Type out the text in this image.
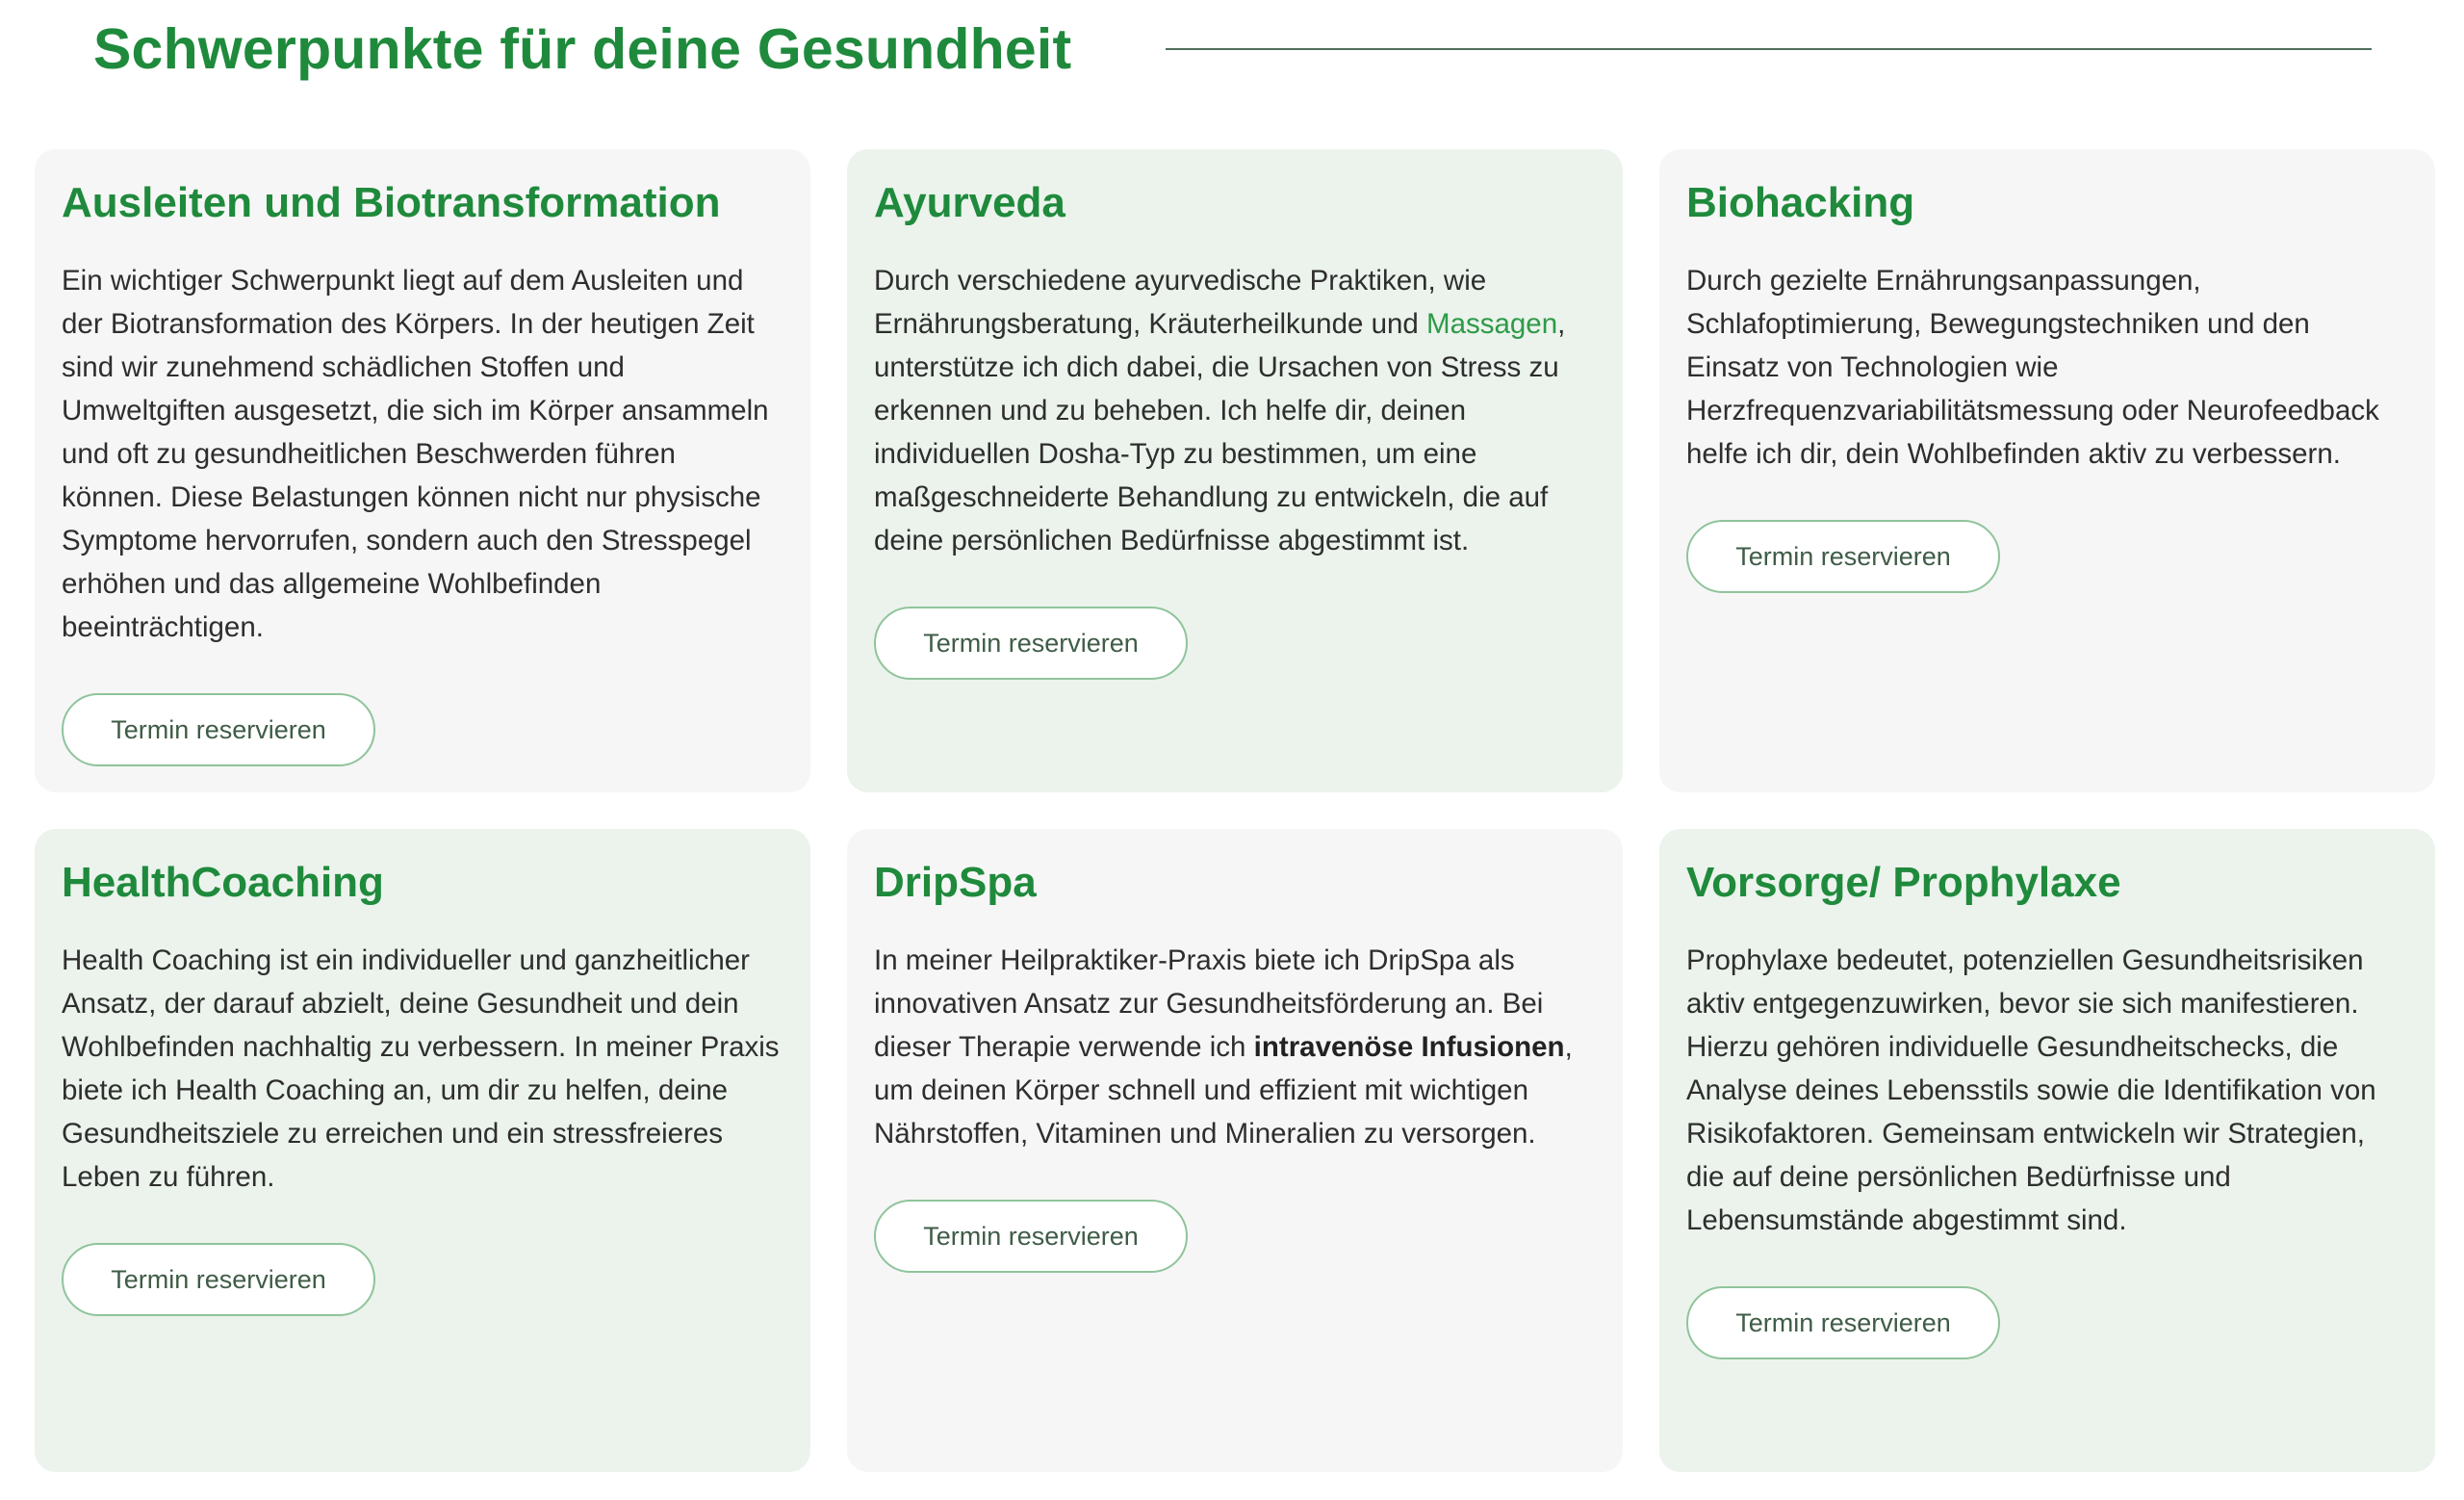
Schwerpunkte für deine Gesundheit
Ausleiten und Biotransformation

Ein wichtiger Schwerpunkt liegt auf dem Ausleiten und der Biotransformation des Körpers. In der heutigen Zeit sind wir zunehmend schädlichen Stoffen und Umweltgiften ausgesetzt, die sich im Körper ansammeln und oft zu gesundheitlichen Beschwerden führen können. Diese Belastungen können nicht nur physische Symptome hervorrufen, sondern auch den Stresspegel erhöhen und das allgemeine Wohlbefinden beeinträchtigen.

Termin reservieren
Ayurveda

Durch verschiedene ayurvedische Praktiken, wie Ernährungsberatung, Kräuterheilkunde und Massagen, unterstütze ich dich dabei, die Ursachen von Stress zu erkennen und zu beheben. Ich helfe dir, deinen individuellen Dosha-Typ zu bestimmen, um eine maßgeschneiderte Behandlung zu entwickeln, die auf deine persönlichen Bedürfnisse abgestimmt ist.

Termin reservieren
Biohacking

Durch gezielte Ernährungsanpassungen, Schlafoptimierung, Bewegungstechniken und den Einsatz von Technologien wie Herzfrequenzvariabilitätsmessung oder Neurofeedback helfe ich dir, dein Wohlbefinden aktiv zu verbessern.

Termin reservieren
HealthCoaching

Health Coaching ist ein individueller und ganzheitlicher Ansatz, der darauf abzielt, deine Gesundheit und dein Wohlbefinden nachhaltig zu verbessern. In meiner Praxis biete ich Health Coaching an, um dir zu helfen, deine Gesundheitsziele zu erreichen und ein stressfreieres Leben zu führen.

Termin reservieren
DripSpa

In meiner Heilpraktiker-Praxis biete ich DripSpa als innovativen Ansatz zur Gesundheitsförderung an. Bei dieser Therapie verwende ich intravenöse Infusionen, um deinen Körper schnell und effizient mit wichtigen Nährstoffen, Vitaminen und Mineralien zu versorgen.

Termin reservieren
Vorsorge/ Prophylaxe

Prophylaxe bedeutet, potenziellen Gesundheitsrisiken aktiv entgegenzuwirken, bevor sie sich manifestieren. Hierzu gehören individuelle Gesundheitschecks, die Analyse deines Lebensstils sowie die Identifikation von Risikofaktoren. Gemeinsam entwickeln wir Strategien, die auf deine persönlichen Bedürfnisse und Lebensumstände abgestimmt sind.

Termin reservieren
